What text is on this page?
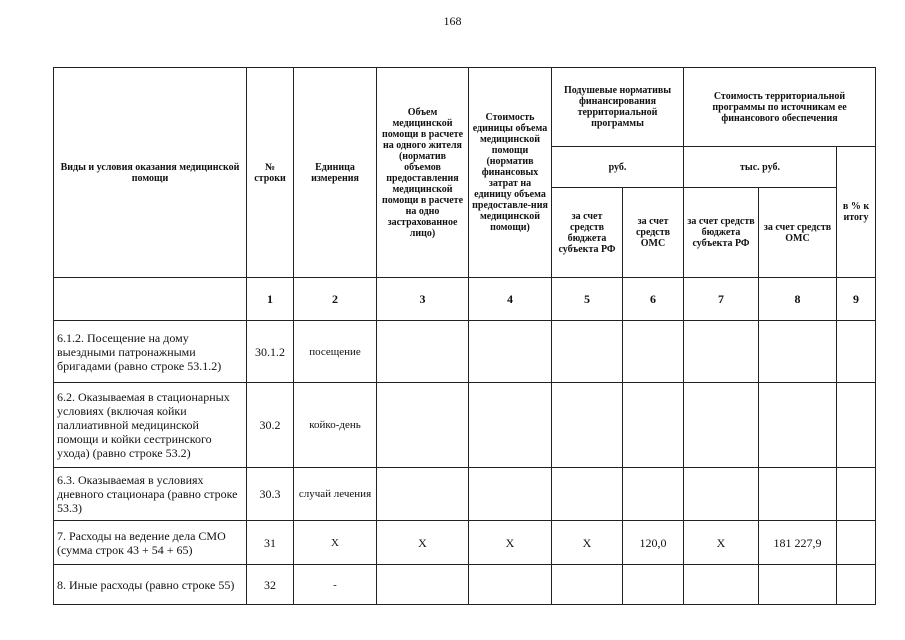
168
Виды и условия оказания медицинской помощи	№ строки	Единица измерения	Объем медицинской помощи в расчете на одного жителя (норматив объемов предоставления медицинской помощи в расчете на одно застрахованное лицо)	Стоимость единицы объема медицинской помощи (норматив финансовых затрат на единицу объема предоставле-ния медицинской помощи)	Подушевые нормативы финансирования территориальной программы		Стоимость территориальной программы по источникам ее финансового обеспечения		
					руб.		тыс. руб.		в % к итогу
					за счет средств бюджета субъекта РФ	за счет средств ОМС	за счет средств бюджета субъекта РФ	за счет средств ОМС	
	1	2	3	4	5	6	7	8	9
6.1.2. Посещение на дому выездными патронажными бригадами (равно строке 53.1.2)	30.1.2	посещение							
6.2. Оказываемая в стационарных условиях (включая койки паллиативной медицинской помощи и койки сестринского ухода) (равно строке 53.2)	30.2	койко-день							
6.3. Оказываемая в условиях дневного стационара (равно строке 53.3)	30.3	случай лечения							
7. Расходы на ведение дела СМО (сумма строк 43 + 54 + 65)	31	Х	Х	Х	Х	120,0	Х	181 227,9	
8. Иные расходы (равно строке 55)	32	-							
